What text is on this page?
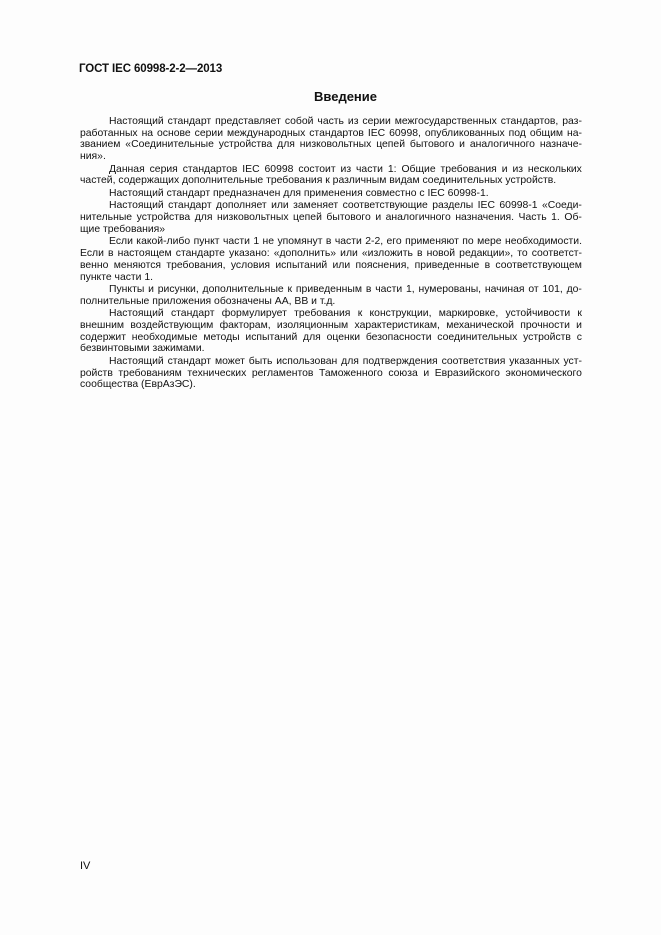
ГОСТ IEC 60998-2-2—2013
Введение
Настоящий стандарт представляет собой часть из серии межгосударственных стандартов, раз-
работанных на основе серии международных стандартов IEC 60998, опубликованных под общим на-
званием «Соединительные устройства для низковольтных цепей бытового и аналогичного назначе-
ния».
Данная серия стандартов IEC 60998 состоит из части 1: Общие требования и из нескольких
частей, содержащих дополнительные требования к различным видам соединительных устройств.
Настоящий стандарт предназначен для применения совместно с IEC 60998-1.
Настоящий стандарт дополняет или заменяет соответствующие разделы IEC 60998-1 «Соеди-
нительные устройства для низковольтных цепей бытового и аналогичного назначения. Часть 1. Об-
щие требования»
Если какой-либо пункт части 1 не упомянут в части 2-2, его применяют по мере необходимости.
Если в настоящем стандарте указано: «дополнить» или «изложить в новой редакции», то соответст-
венно меняются требования, условия испытаний или пояснения, приведенные в соответствующем
пункте части 1.
Пункты и рисунки, дополнительные к приведенным в части 1, нумерованы, начиная от 101, до-
полнительные приложения обозначены АА, ВВ и т.д.
Настоящий стандарт формулирует требования к конструкции, маркировке, устойчивости к
внешним воздействующим факторам, изоляционным характеристикам, механической прочности и
содержит необходимые методы испытаний для оценки безопасности соединительных устройств с
безвинтовыми зажимами.
Настоящий стандарт может быть использован для подтверждения соответствия указанных уст-
ройств требованиям технических регламентов Таможенного союза и Евразийского экономического
сообщества (ЕврАзЭС).
IV
